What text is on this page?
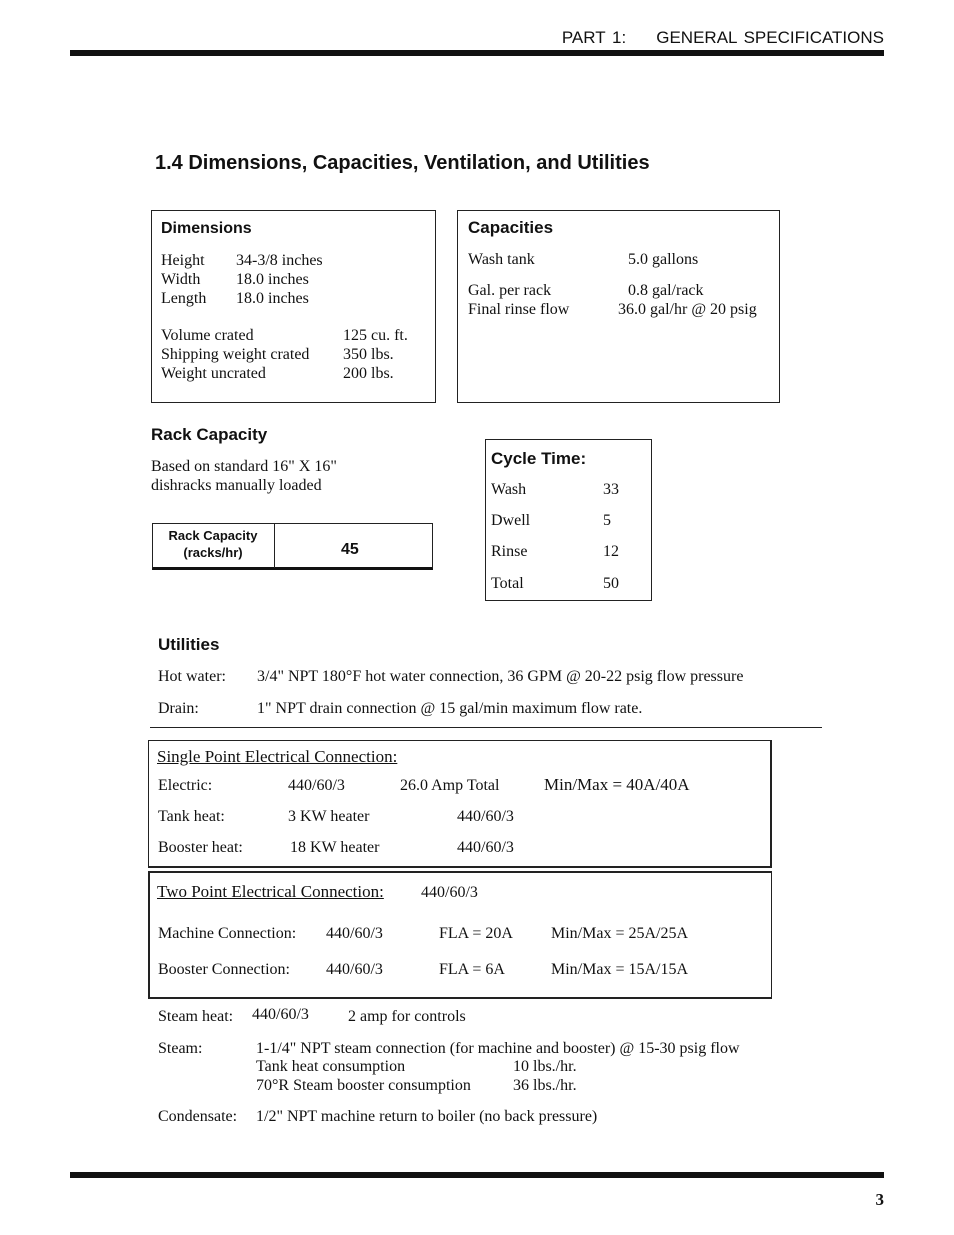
PART 1: GENERAL SPECIFICATIONS
1.4 Dimensions, Capacities, Ventilation, and Utilities
Dimensions
Height 34-3/8 inches
Width 18.0 inches
Length 18.0 inches
Volume crated	125 cu. ft.
Shipping weight crated 350 lbs.
Weight uncrated	200 lbs.
Capacities
Wash tank	5.0 gallons
Gal. per rack	0.8 gal/rack
Final rinse flow	36.0 gal/hr @ 20 psig
Rack Capacity
Based on standard 16" X 16"
dishracks manually loaded
Rack Capacity
(racks/hr)	45
Cycle Time:
Wash	33
Dwell	5
Rinse	12
Total	50
Utilities
Hot water: 3/4" NPT 180°F hot water connection, 36 GPM @ 20-22 psig flow pressure
Drain:	1" NPT drain connection @ 15 gal/min maximum flow rate.
Single Point Electrical Connection:
Electric:	440/60/3	26.0 Amp Total	Min/Max = 40A/40A
Tank heat:	3 KW heater	440/60/3
Booster heat:	18 KW heater	440/60/3
Two Point Electrical Connection: 440/60/3
Machine Connection: 440/60/3	FLA = 20A Min/Max = 25A/25A
Booster Connection: 440/60/3	FLA = 6A	Min/Max = 15A/15A
Steam heat: 440/60/3 2 amp for controls
Steam:	1-1/4" NPT steam connection (for machine and booster) @ 15-30 psig flow
Tank heat consumption	10 lbs./hr.
70°R Steam booster consumption	36 lbs./hr.
Condensate: 1/2" NPT machine return to boiler (no back pressure)
3
